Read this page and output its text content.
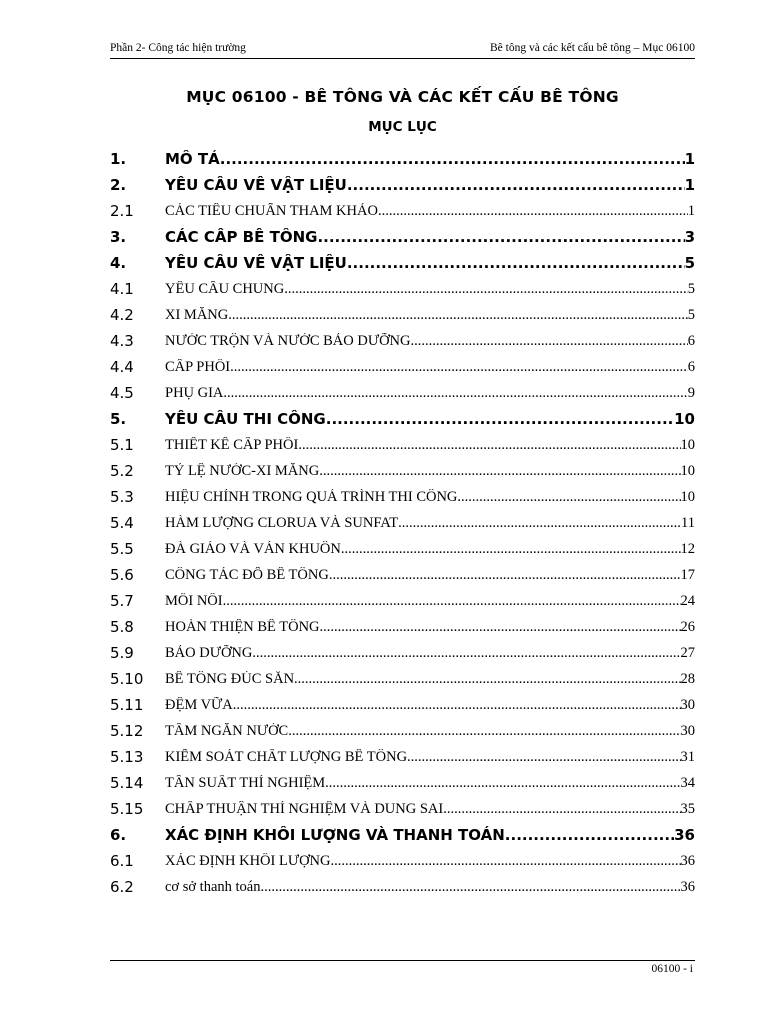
Phần 2- Công tác hiện trường	Bê tông và các kết cấu bê tông – Mục 06100
MỤC 06100 - BÊ TÔNG VÀ CÁC KẾT CẤU BÊ TÔNG
MỤC LỤC
1.	MÔ TẢ .....	1
2.	YÊU CẦU VỀ VẬT LIỆU .....	1
2.1	CÁC TIÊU CHUẨN THAM KHẢO .....	1
3.	CÁC CẤP BÊ TÔNG .....	3
4.	YÊU CẦU VỀ VẬT LIỆU .....	5
4.1	YÊU CẦU CHUNG .....	5
4.2	XI MĂNG .....	5
4.3	NƯỚC TRỘN VÀ NƯỚC BẢO DƯỠNG .....	6
4.4	CẤP PHỐI .....	6
4.5	PHỤ GIA .....	9
5.	YÊU CẦU THI CÔNG .....	10
5.1	THIẾT KẾ CẤP PHỐI .....	10
5.2	TỶ LỆ NƯỚC-XI MĂNG .....	10
5.3	HIỆU CHỈNH TRONG QUÁ TRÌNH THI CÔNG .....	10
5.4	HÀM LƯỢNG CLORUA VÀ SUNFAT .....	11
5.5	ĐÀ GIÁO VÀ VÁN KHUÔN .....	12
5.6	CÔNG TÁC ĐỔ BÊ TÔNG .....	17
5.7	MỐI NỐI .....	24
5.8	HOÀN THIỆN BÊ TÔNG .....	26
5.9	BẢO DƯỠNG .....	27
5.10	BÊ TÔNG ĐÚC SẴN .....	28
5.11	ĐỆM VỮA .....	30
5.12	TẤM NGĂN NƯỚC .....	30
5.13	KIỂM SOÁT CHẤT LƯỢNG BÊ TÔNG .....	31
5.14	TẦN SUẤT THÍ NGHIỆM .....	34
5.15	CHẤP THUẬN THÍ NGHIỆM VÀ DUNG SAI .....	35
6.	XÁC ĐỊNH KHỐI LƯỢNG VÀ THANH TOÁN .....	36
6.1	XÁC ĐỊNH KHỐI LƯỢNG .....	36
6.2	cơ sở thanh toán .....	36
06100 - i
